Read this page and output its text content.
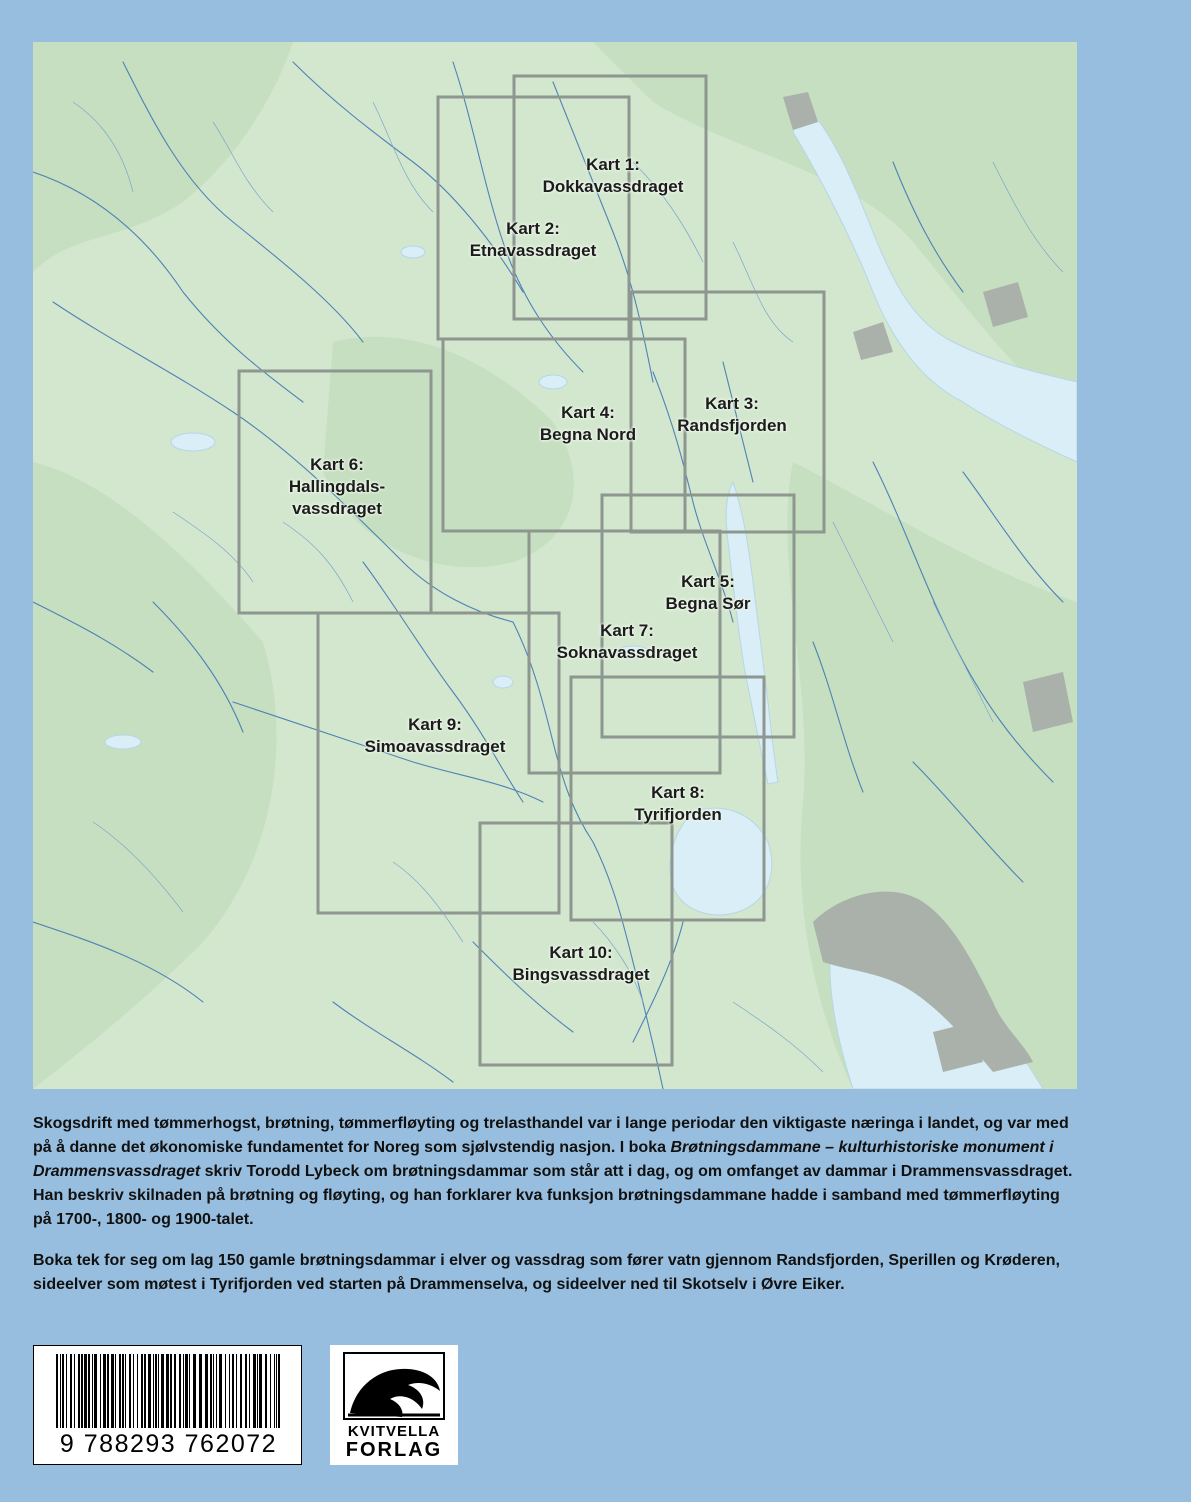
Kart 1:
Dokkavassdraget
Kart 2:
Etnavassdraget
Kart 3:
Randsfjorden
Kart 4:
Begna Nord
Kart 5:
Begna Sør
Kart 6:
Hallingdals-
vassdraget
Kart 7:
Soknavassdraget
Kart 8:
Tyrifjorden
Kart 9:
Simoavassdraget
Kart 10:
Bingsvassdraget

Skogsdrift med tømmerhogst, brøtning, tømmerfløyting og trelasthandel var i lange periodar den viktigaste næringa i landet, og var med på å danne det økonomiske fundamentet for Noreg som sjølvstendig nasjon. I boka Brøtningsdammane – kulturhistoriske monument i Drammensvassdraget skriv Torodd Lybeck om brøtningsdammar som står att i dag, og om omfanget av dammar i Drammensvassdraget. Han beskriv skilnaden på brøtning og fløyting, og han forklarer kva funksjon brøtningsdammane hadde i samband med tømmerfløyting på 1700-, 1800- og 1900-talet.

Boka tek for seg om lag 150 gamle brøtningsdammar i elver og vassdrag som fører vatn gjennom Randsfjorden, Sperillen og Krøderen, sideelver som møtest i Tyrifjorden ved starten på Drammenselva, og sideelver ned til Skotselv i Øvre Eiker.

9 788293 762072	KVITVELLA
FORLAG
